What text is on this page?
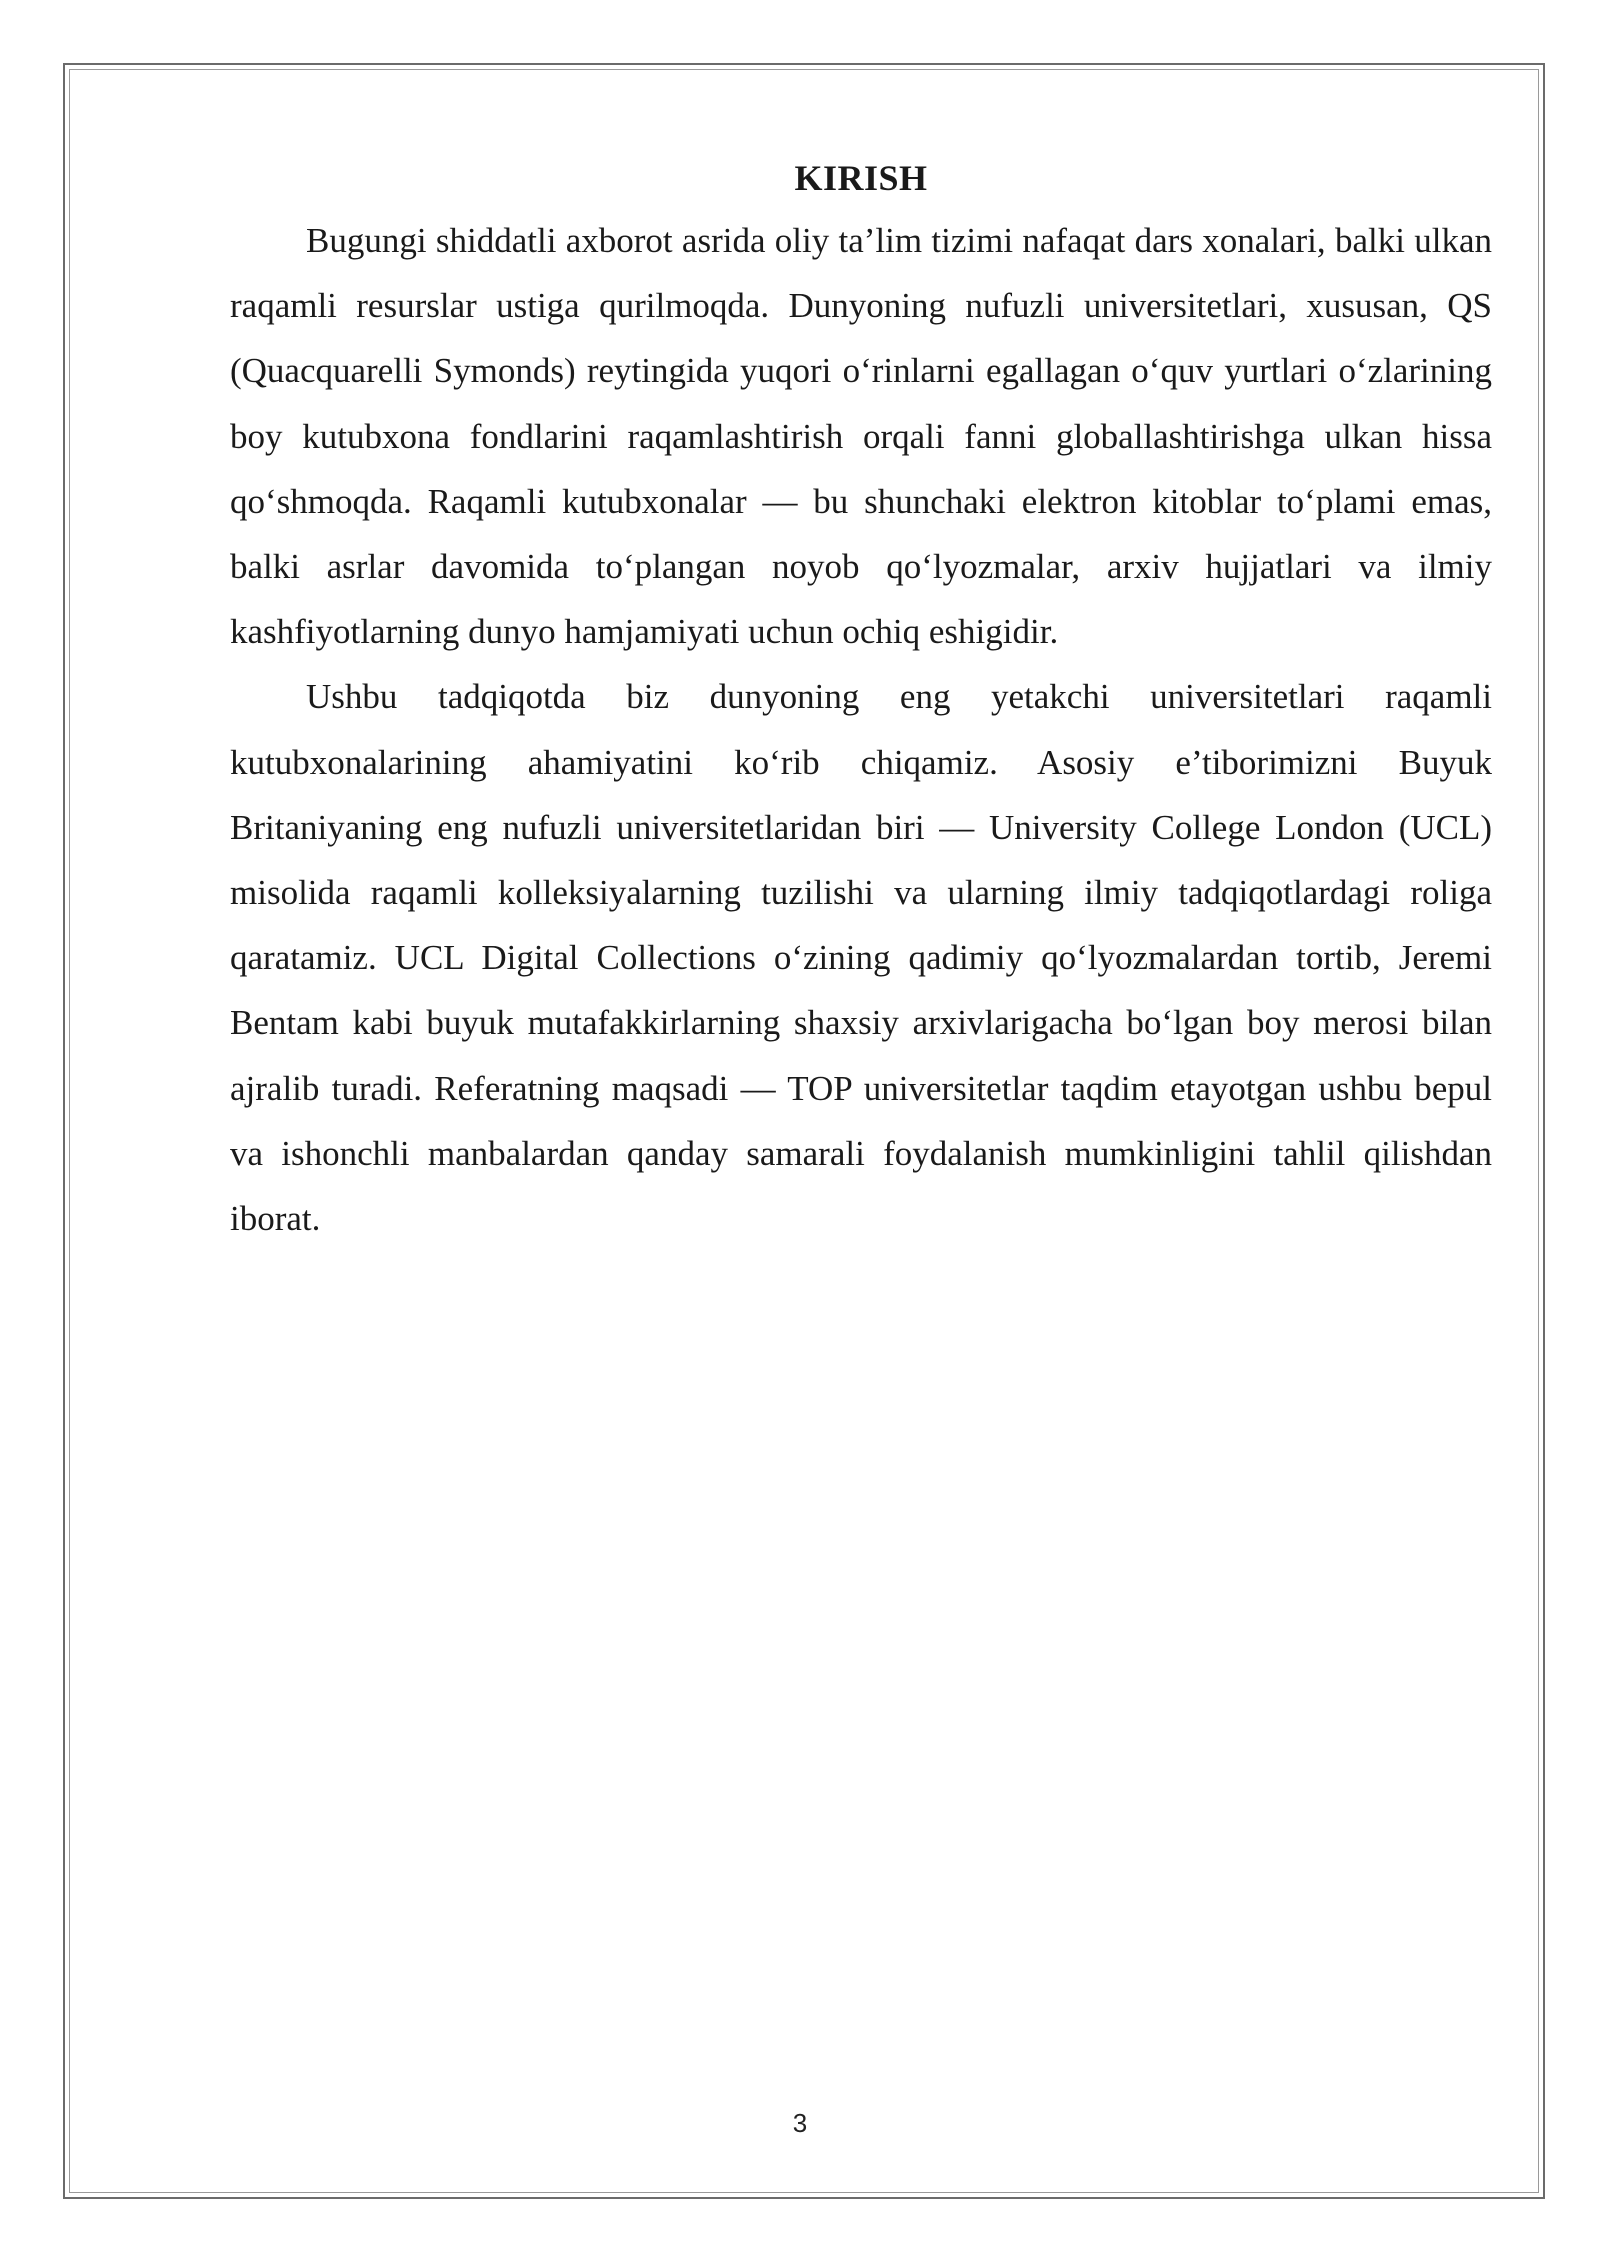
KIRISH

Bugungi shiddatli axborot asrida oliy ta’lim tizimi nafaqat dars xonalari, balki ulkan raqamli resurslar ustiga qurilmoqda. Dunyoning nufuzli universitetlari, xususan, QS (Quacquarelli Symonds) reytingida yuqori o‘rinlarni egallagan o‘quv yurtlari o‘zlarining boy kutubxona fondlarini raqamlashtirish orqali fanni globallashtirishga ulkan hissa qo‘shmoqda. Raqamli kutubxonalar — bu shunchaki elektron kitoblar to‘plami emas, balki asrlar davomida to‘plangan noyob qo‘lyozmalar, arxiv hujjatlari va ilmiy kashfiyotlarning dunyo hamjamiyati uchun ochiq eshigidir.

Ushbu tadqiqotda biz dunyoning eng yetakchi universitetlari raqamli kutubxonalarining ahamiyatini ko‘rib chiqamiz. Asosiy e’tiborimizni Buyuk Britaniyaning eng nufuzli universitetlaridan biri — University College London (UCL) misolida raqamli kolleksiyalarning tuzilishi va ularning ilmiy tadqiqotlardagi roliga qaratamiz. UCL Digital Collections o‘zining qadimiy qo‘lyozmalardan tortib, Jeremi Bentam kabi buyuk mutafakkirlarning shaxsiy arxivlarigacha bo‘lgan boy merosi bilan ajralib turadi. Referatning maqsadi — TOP universitetlar taqdim etayotgan ushbu bepul va ishonchli manbalardan qanday samarali foydalanish mumkinligini tahlil qilishdan iborat.

3
